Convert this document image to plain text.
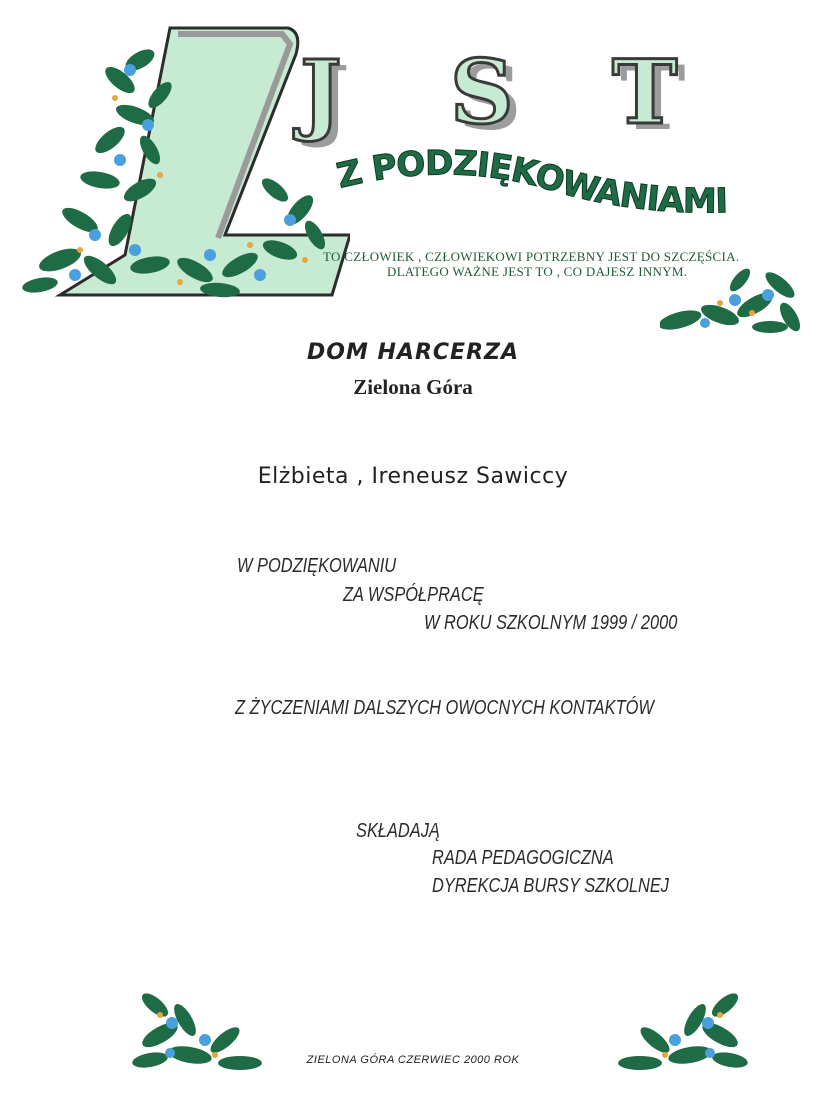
J S T
Z PODZIĘKOWANIAMI
TO CZŁOWIEK , CZŁOWIEKOWI POTRZEBNY JEST DO SZCZĘŚCIA.
DLATEGO WAŻNE JEST TO , CO DAJESZ INNYM.
DOM HARCERZA
Zielona Góra
Elżbieta , Ireneusz Sawiccy
W PODZIĘKOWANIU
ZA WSPÓŁPRACĘ
W ROKU SZKOLNYM 1999 / 2000
Z ŻYCZENIAMI DALSZYCH OWOCNYCH KONTAKTÓW
SKŁADAJĄ
RADA PEDAGOGICZNA
DYREKCJA BURSY SZKOLNEJ
ZIELONA GÓRA CZERWIEC 2000 ROK
